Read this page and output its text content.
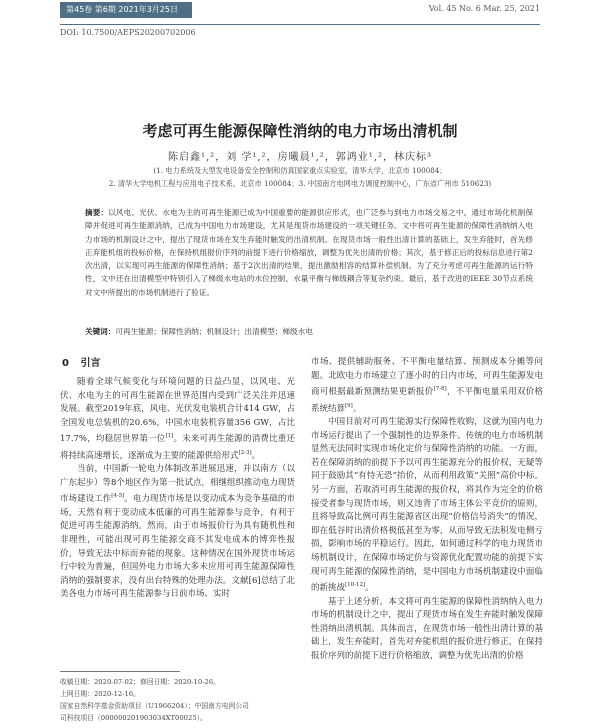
第45卷 第6期 2021年3月25日	Vol. 45 No. 6 Mar. 25, 2021
DOI: 10.7500/AEPS20200702006
考虑可再生能源保障性消纳的电力市场出清机制
陈启鑫¹,²，刘 学¹,²，房曦晨¹,²，郭鸿业¹,²，林庆标³
(1. 电力系统及大型发电设备安全控制和仿真国家重点实验室，清华大学，北京市 100084；
2. 清华大学电机工程与应用电子技术系，北京市 100084；3. 中国南方电网电力调度控制中心，广东省广州市 510623)
摘要：以风电、光伏、水电为主的可再生能源已成为中国重要的能源供应形式，也广泛参与到电力市场交易之中。通过市场化机制保障并促进可再生能源消纳，已成为中国电力市场建设，尤其是现货市场建设的一项关键任务。文中将可再生能源的保障性消纳纳入电力市场的机制设计之中，提出了现货市场在发生弃能时触发的出清机制。在现货市场一般性出清计算的基础上，发生弃能时，首先修正弃能机组的投标价格，在保持机组报价序列的前提下进行价格缩放，调整为优先出清的价格；其次，基于修正后的投标信息进行第2次出清，以实现可再生能源的保障性消纳；基于2次出清的结果，提出激励相容的结算补偿机制。为了充分考虑可再生能源的运行特性，文中还在出清模型中特别引入了梯级水电站的水位控制、水量平衡与梯级耦合等复杂约束。最后，基于改进的IEEE 30节点系统对文中所提出的市场机制进行了验证。
关键词：可再生能源；保障性消纳；机制设计；出清模型；梯级水电
0 引言

随着全球气候变化与环境问题的日益凸显，以风电、光伏、水电为主的可再生能源在世界范围内受到广泛关注并迅速发展。截至2019年底，风电、光伏发电装机合计414 GW，占全国发电总装机的20.6%，中国水电装机容量356 GW，占比17.7%，均稳居世界第一位[1]。未来可再生能源的消费比重还将持续高速增长，逐渐成为主要的能源供给形式[2-3]。

当前，中国新一轮电力体制改革进展迅速，并以南方（以广东起步）等8个地区作为第一批试点，相继组织推动电力现货市场建设工作[4-5]。电力现货市场是以变动成本为竞争基础的市场，天然有利于变动成本低廉的可再生能源参与竞争，有利于促进可再生能源消纳。然而，由于市场报价行为具有随机性和非理性，可能出现可再生能源交商不其发电成本的博弈性报价，导致无法中标而弃能的现象。这种情况在国外现货市场运行中较为普遍，但国外电力市场大多未应用可再生能源保障性消纳的强制要求，没有出台特殊的处理办法。文献[6]总结了北美各电力市场可再生能源参与日前市场、实时

市场、提供辅助服务、不平衡电量结算、预测成本分摊等问题。北欧电力市场建立了逐小时的日内市场，可再生能源发电商可根据最新预测结果更新报价[7-8]，不平衡电量采用双价格系统结算[9]。

中国目前对可再生能源实行保障性收购，这就为国内电力市场运行提出了一个强制性的边界条件。传统的电力市场机制显然无法同时实现市场化定价与保障性消纳的功能。一方面，若在保障消纳的前提下予以可再生能源充分的报价权，无疑等同于鼓励其“有恃无恐”抬价，从而利用政策“关照”高价中标。另一方面，若取消可再生能源的报价权，将其作为完全的价格接受者参与现货市场，则又违背了市场主体公平竞价的原则，且将导致高比例可再生能源省区出现“价格信号消失”的情况，即在低谷时出清价格极低甚至为零，从而导致无法积发电侧亏损，影响市场的平稳运行。因此，如何通过科学的电力现货市场机制设计，在保障市场定价与资源优化配置功能的前提下实现可再生能源的保障性消纳，是中国电力市场机制建设中面临的新挑战[10-12]。

基于上述分析，本文将可再生能源的保障性消纳纳入电力市场的机制设计之中，提出了现货市场在发生弃能时触发保障性消纳出清机制。具体而言，在现货市场一般性出清计算的基础上，发生弃能时，首先对弃能机组的报价进行修正，在保持报价序列的前提下进行价格缩放，调整为优先出清的价格

收稿日期：2020-07-02；修回日期：2020-10-26。
上网日期：2020-12-16。
国家自然科学基金资助项目（U1966204）；中国南方电网公司
司科技项目（000000201903034XT00025）。
